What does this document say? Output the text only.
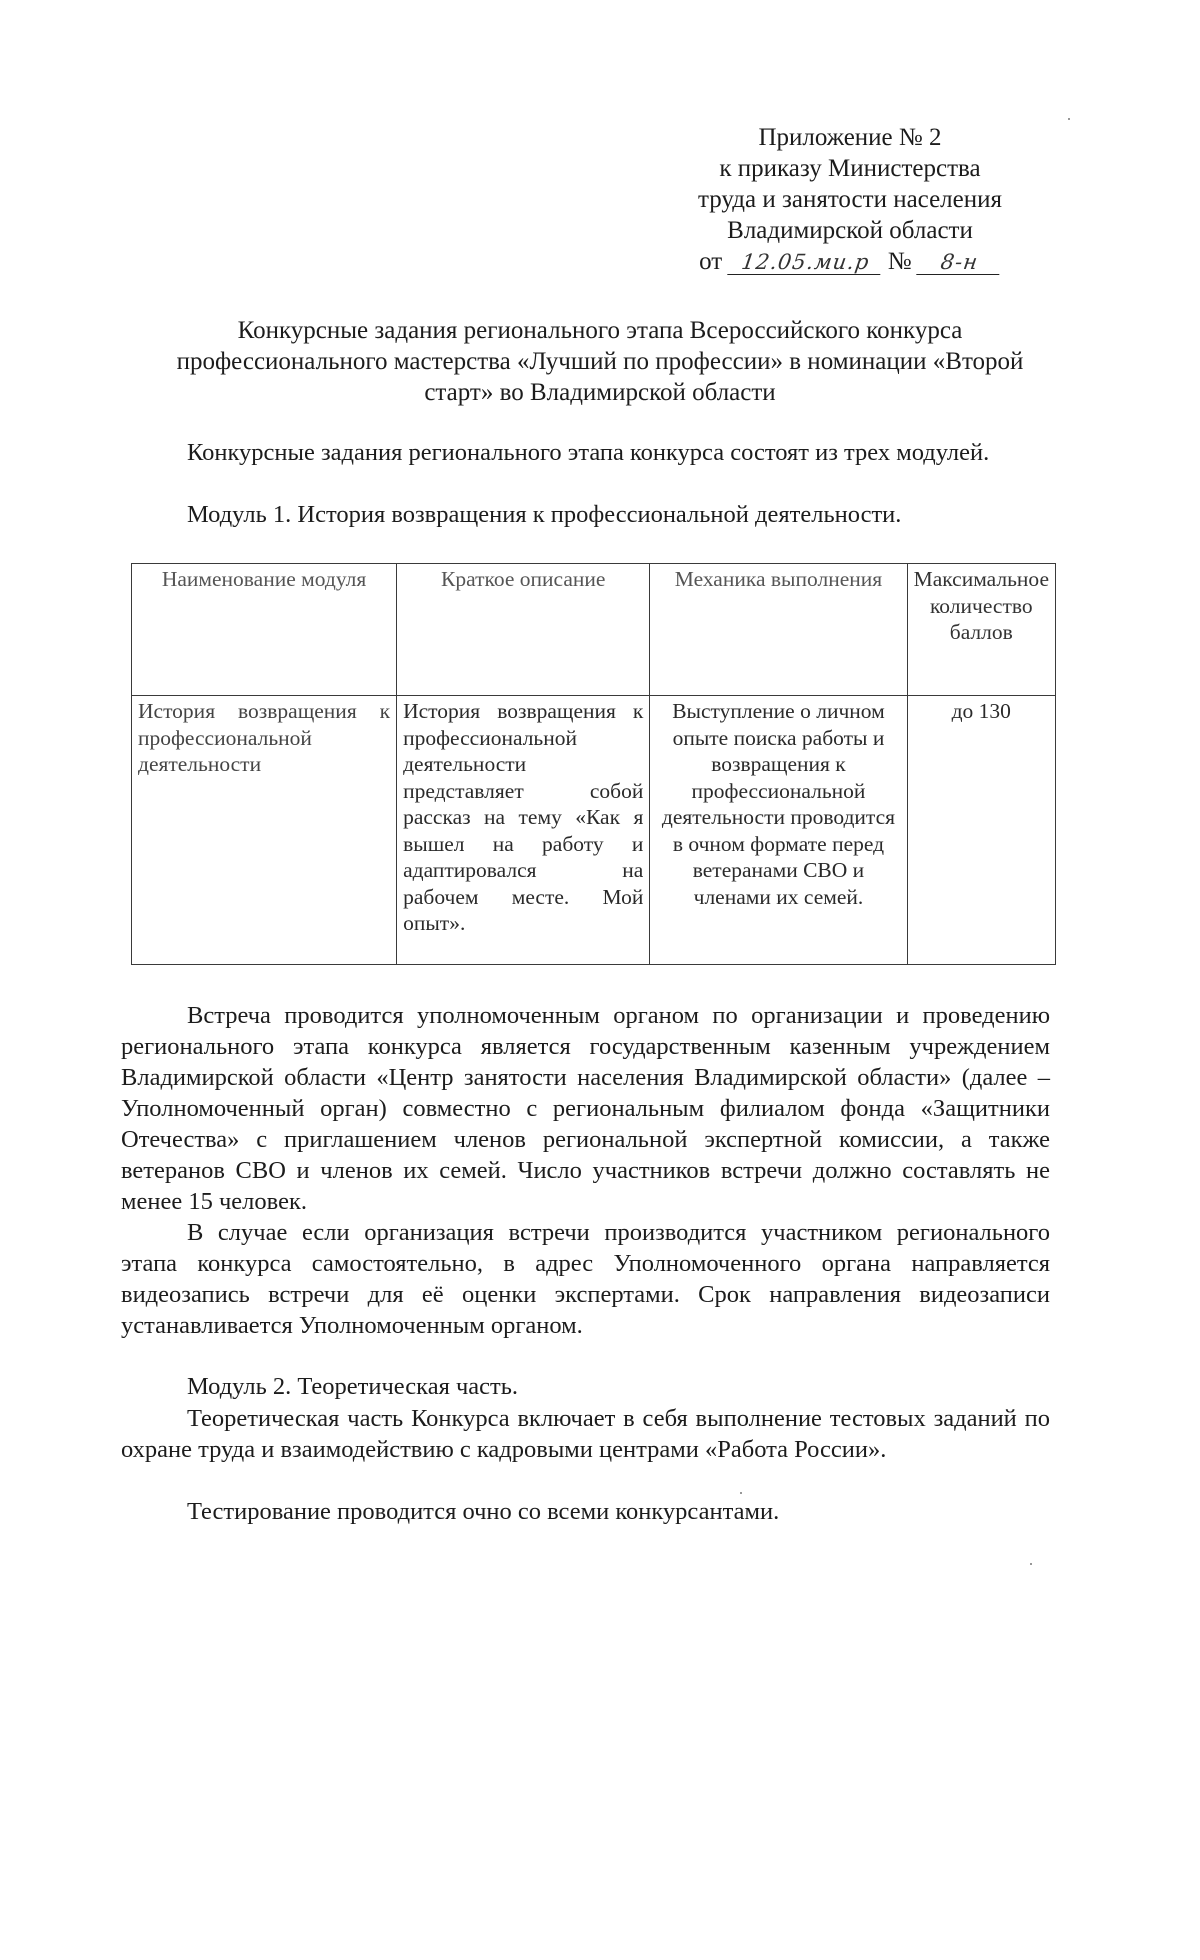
Приложение № 2
к приказу Министерства
труда и занятости населения
Владимирской области
от 12.05.ми.р № 8-н
Конкурсные задания регионального этапа Всероссийского конкурса
профессионального мастерства «Лучший по профессии» в номинации «Второй
старт» во Владимирской области

Конкурсные задания регионального этапа конкурса состоят из трех модулей.

Модуль 1. История возвращения к профессиональной деятельности.

Наименование модуля	Краткое описание	Механика выполнения	Максимальное количество баллов
История возвращения к профессиональной деятельности	История возвращения к профессиональной деятельности представляет собой рассказ на тему «Как я вышел на работу и адаптировался на рабочем месте. Мой опыт».	Выступление о личном опыте поиска работы и возвращения к профессиональной деятельности проводится в очном формате перед ветеранами СВО и членами их семей.	до 130

Встреча проводится уполномоченным органом по организации и проведению регионального этапа конкурса является государственным казенным учреждением Владимирской области «Центр занятости населения Владимирской области» (далее – Уполномоченный орган) совместно с региональным филиалом фонда «Защитники Отечества» с приглашением членов региональной экспертной комиссии, а также ветеранов СВО и членов их семей. Число участников встречи должно составлять не менее 15 человек.

В случае если организация встречи производится участником регионального этапа конкурса самостоятельно, в адрес Уполномоченного органа направляется видеозапись встречи для её оценки экспертами. Срок направления видеозаписи устанавливается Уполномоченным органом.

Модуль 2. Теоретическая часть.

Теоретическая часть Конкурса включает в себя выполнение тестовых заданий по охране труда и взаимодействию с кадровыми центрами «Работа России».

Тестирование проводится очно со всеми конкурсантами.
